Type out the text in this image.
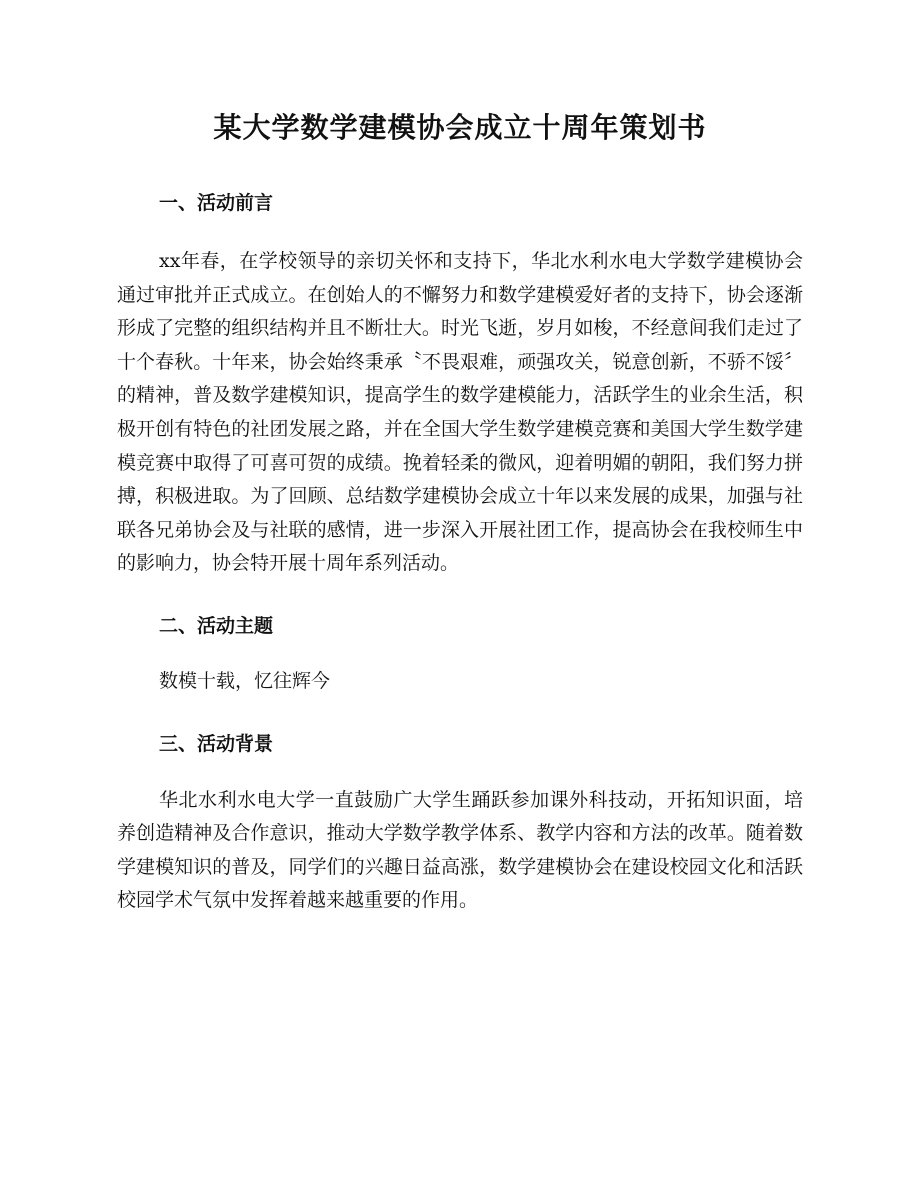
某大学数学建模协会成立十周年策划书
一、活动前言

xx年春，在学校领导的亲切关怀和支持下，华北水利水电大学数学建模协会通过审批并正式成立。在创始人的不懈努力和数学建模爱好者的支持下，协会逐渐形成了完整的组织结构并且不断壮大。时光飞逝，岁月如梭，不经意间我们走过了十个春秋。十年来，协会始终秉承〝不畏艰难，顽强攻关，锐意创新，不骄不馁〞的精神，普及数学建模知识，提高学生的数学建模能力，活跃学生的业余生活，积极开创有特色的社团发展之路，并在全国大学生数学建模竞赛和美国大学生数学建模竞赛中取得了可喜可贺的成绩。挽着轻柔的微风，迎着明媚的朝阳，我们努力拼搏，积极进取。为了回顾、总结数学建模协会成立十年以来发展的成果，加强与社联各兄弟协会及与社联的感情，进一步深入开展社团工作，提高协会在我校师生中的影响力，协会特开展十周年系列活动。

二、活动主题

数模十载，忆往辉今

三、活动背景

华北水利水电大学一直鼓励广大学生踊跃参加课外科技动，开拓知识面，培养创造精神及合作意识，推动大学数学教学体系、教学内容和方法的改革。随着数学建模知识的普及，同学们的兴趣日益高涨，数学建模协会在建设校园文化和活跃校园学术气氛中发挥着越来越重要的作用。
